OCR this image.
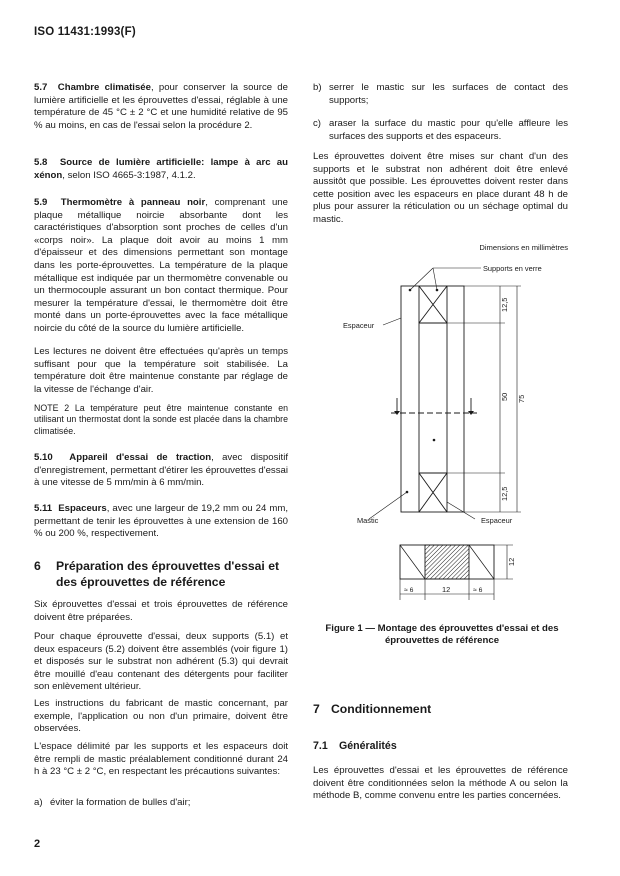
ISO 11431:1993(F)

5.7 Chambre climatisée, pour conserver la source de lumière artificielle et les éprouvettes d'essai, réglable à une température de 45 °C ± 2 °C et une humidité relative de 95 % au moins, en cas de l'essai selon la procédure 2.

5.8 Source de lumière artificielle: lampe à arc au xénon, selon ISO 4665-3:1987, 4.1.2.

5.9 Thermomètre à panneau noir, comprenant une plaque métallique noircie absorbante dont les caractéristiques d'absorption sont proches de celles d'un «corps noir». La plaque doit avoir au moins 1 mm d'épaisseur et des dimensions permettant son montage dans les porte-éprouvettes. La température de la plaque métallique est indiquée par un thermomètre convenable ou un thermocouple assurant un bon contact thermique. Pour mesurer la température d'essai, le thermomètre doit être monté dans un porte-éprouvettes avec la face métallique noircie du côté de la source du lumière artificielle.

Les lectures ne doivent être effectuées qu'après un temps suffisant pour que la température soit stabilisée. La température doit être maintenue constante par réglage de la vitesse de l'échange d'air.

NOTE 2 La température peut être maintenue constante en utilisant un thermostat dont la sonde est placée dans la chambre climatisée.

5.10 Appareil d'essai de traction, avec dispositif d'enregistrement, permettant d'étirer les éprouvettes d'essai à une vitesse de 5 mm/min à 6 mm/min.

5.11 Espaceurs, avec une largeur de 19,2 mm ou 24 mm, permettant de tenir les éprouvettes à une extension de 160 % ou 200 %, respectivement.

6	Préparation des éprouvettes d'essai et des éprouvettes de référence

Six éprouvettes d'essai et trois éprouvettes de référence doivent être préparées.

Pour chaque éprouvette d'essai, deux supports (5.1) et deux espaceurs (5.2) doivent être assemblés (voir figure 1) et disposés sur le substrat non adhérent (5.3) qui devrait être mouillé d'eau contenant des détergents pour faciliter son enlèvement ultérieur.

Les instructions du fabricant de mastic concernant, par exemple, l'application ou non d'un primaire, doivent être observées.

L'espace délimité par les supports et les espaceurs doit être rempli de mastic préalablement conditionné durant 24 h à 23 °C ± 2 °C, en respectant les précautions suivantes:

a) éviter la formation de bulles d'air;

b) serrer le mastic sur les surfaces de contact des supports;

c) araser la surface du mastic pour qu'elle affleure les surfaces des supports et des espaceurs.

Les éprouvettes doivent être mises sur chant d'un des supports et le substrat non adhérent doit être enlevé aussitôt que possible. Les éprouvettes doivent rester dans cette position avec les espaceurs en place durant 48 h de plus pour assurer la réticulation ou un séchage optimal du mastic.

Dimensions en millimètres
Supports en verre
Espaceur
Mastic	Espaceur
12,5
50 75
12,5
12
≈ 6	12	≈ 6

Figure 1 — Montage des éprouvettes d'essai et des éprouvettes de référence

7 Conditionnement
7.1	Généralités

Les éprouvettes d'essai et les éprouvettes de référence doivent être conditionnées selon la méthode A ou selon la méthode B, comme convenu entre les parties concernées.

2
